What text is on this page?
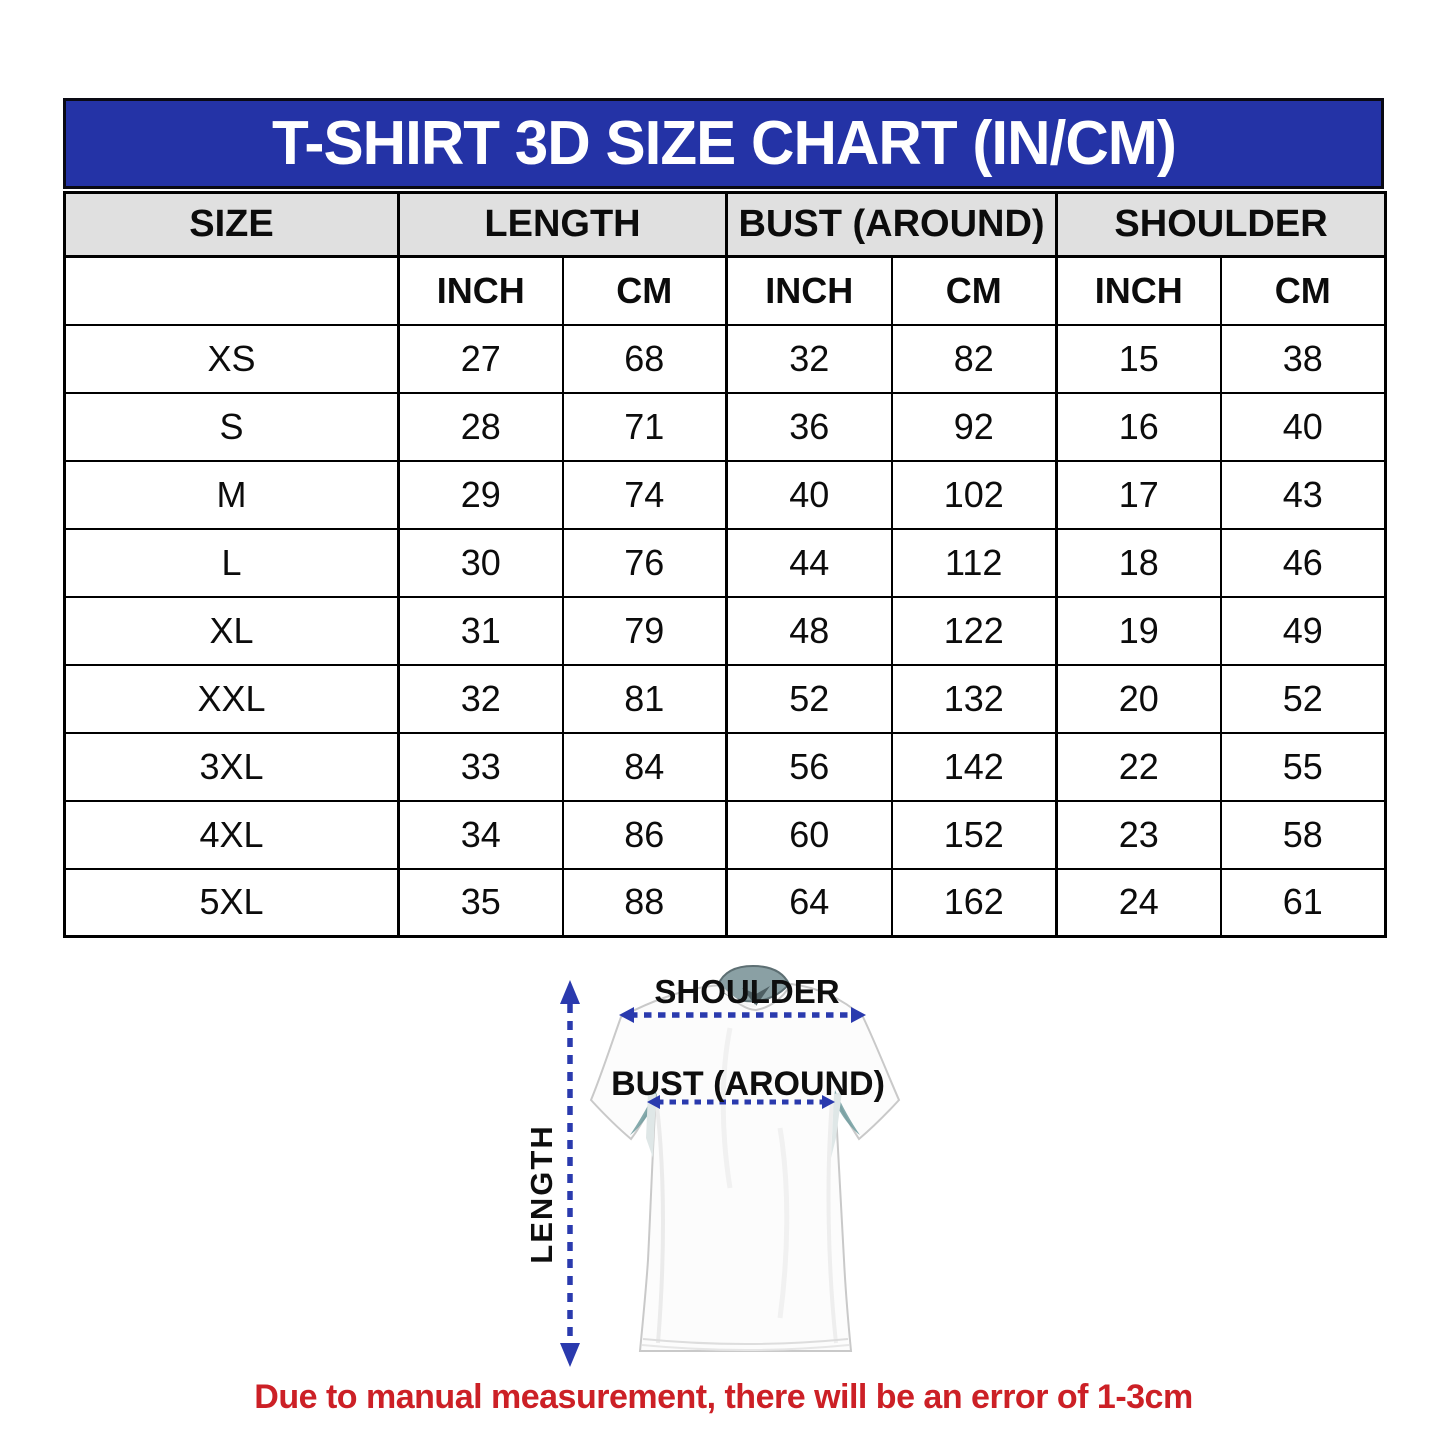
T-SHIRT 3D SIZE CHART (IN/CM)
SIZE	LENGTH		BUST (AROUND)		SHOULDER	
	INCH	CM	INCH	CM	INCH	CM
XS	27	68	32	82	15	38
S	28	71	36	92	16	40
M	29	74	40	102	17	43
L	30	76	44	112	18	46
XL	31	79	48	122	19	49
XXL	32	81	52	132	20	52
3XL	33	84	56	142	22	55
4XL	34	86	60	152	23	58
5XL	35	88	64	162	24	61
SHOULDER
BUST (AROUND)
LENGTH
Due to manual measurement, there will be an error of 1-3cm
